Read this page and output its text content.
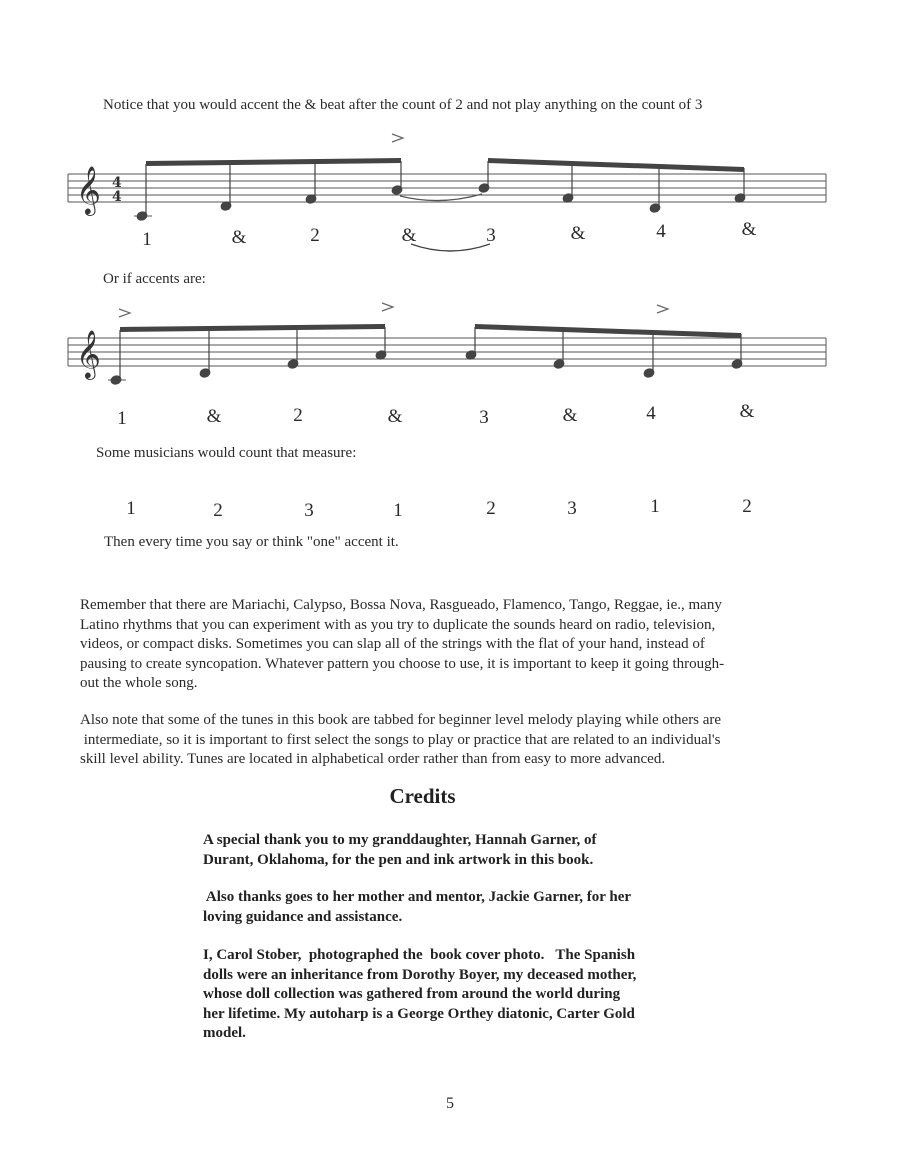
Notice that you would accent the & beat after the count of 2 and not play anything on the count of 3
𝄞 4
4
1	&	2	&	3	&	4	&
Or if accents are:
𝄞
1	&	2	&	3	&	4	&
Some musicians would count that measure:
1	2	3	1	2	3	1	2
Then every time you say or think "one" accent it.
Remember that there are Mariachi, Calypso, Bossa Nova, Rasgueado, Flamenco, Tango, Reggae, ie., many
Latino rhythms that you can experiment with as you try to duplicate the sounds heard on radio, television,
videos, or compact disks. Sometimes you can slap all of the strings with the flat of your hand, instead of
pausing to create syncopation. Whatever pattern you choose to use, it is important to keep it going through-
out the whole song.
Also note that some of the tunes in this book are tabbed for beginner level melody playing while others are
intermediate, so it is important to first select the songs to play or practice that are related to an individual's
skill level ability. Tunes are located in alphabetical order rather than from easy to more advanced.
Credits
A special thank you to my granddaughter, Hannah Garner, of
Durant, Oklahoma, for the pen and ink artwork in this book.
Also thanks goes to her mother and mentor, Jackie Garner, for her
loving guidance and assistance.
I, Carol Stober,  photographed the  book cover photo.   The Spanish
dolls were an inheritance from Dorothy Boyer, my deceased mother,
whose doll collection was gathered from around the world during
her lifetime. My autoharp is a George Orthey diatonic, Carter Gold
model.
5
